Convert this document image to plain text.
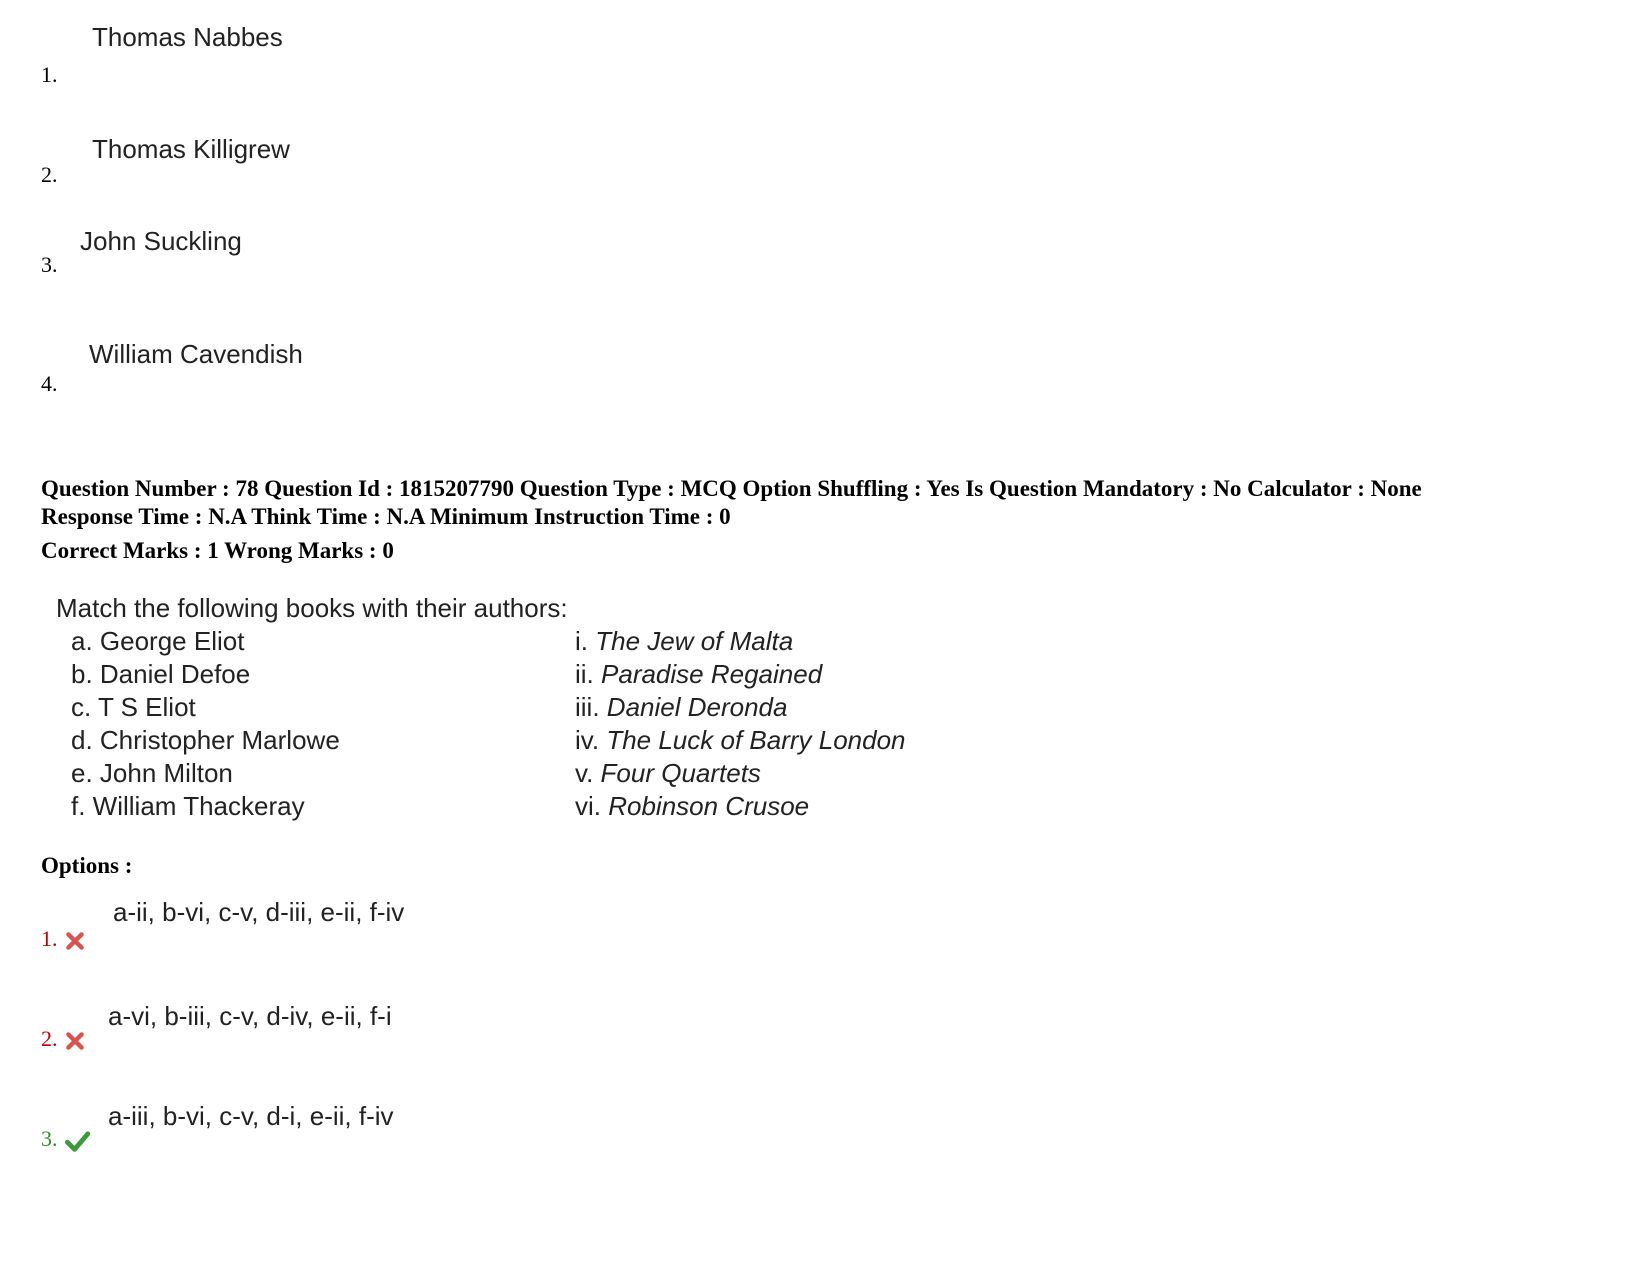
Thomas Nabbes
1.
Thomas Killigrew
2.
John Suckling
3.
William Cavendish
4.
Question Number : 78 Question Id : 1815207790 Question Type : MCQ Option Shuffling : Yes Is Question Mandatory : No Calculator : None
Response Time : N.A Think Time : N.A Minimum Instruction Time : 0
Correct Marks : 1 Wrong Marks : 0
Match the following books with their authors:
a. George Eliot
b. Daniel Defoe
c. T S Eliot
d. Christopher Marlowe
e. John Milton
f. William Thackeray
i. The Jew of Malta
ii. Paradise Regained
iii. Daniel Deronda
iv. The Luck of Barry London
v. Four Quartets
vi. Robinson Crusoe
Options :
a-ii, b-vi, c-v, d-iii, e-ii, f-iv
1.
a-vi, b-iii, c-v, d-iv, e-ii, f-i
2.
a-iii, b-vi, c-v, d-i, e-ii, f-iv
3.
